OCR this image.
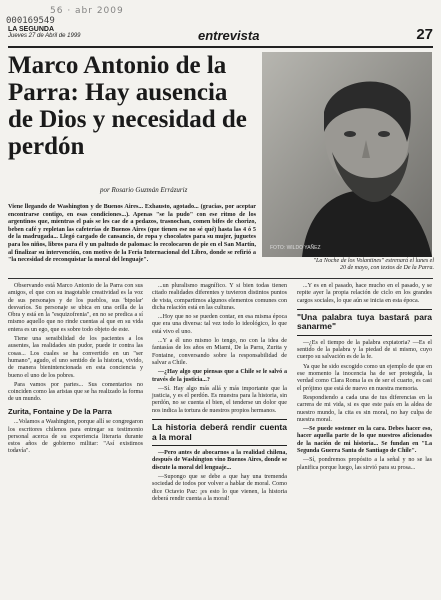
56 · abr 2009
000169549
LA SEGUNDA
Jueves 27 de Abril de 1999	entrevista	27
Marco Antonio de la Parra: Hay ausencia de Dios y necesidad de perdón
por Rosario Guzmán Errázuriz
FOTO: WILDO YAÑEZ
"La Noche de los Volantines" estrenará el lunes el 20 de mayo, con textos de De la Parra.

Viene llegando de Washington y de Buenos Aires... Exhausto, agotado... (gracias, por aceptar encontrarse contigo, en esas condiciones...). Apenas "se la pudo" con ese ritmo de los argentinos que, mientras el país se les cae de a pedazos, trasnochan, comen bifes de chorizo, beben café y repletan las cafeterías de Buenos Aires (que tienen ese no sé qué) hasta las 4 ó 5 de la madrugada... Llegó cargado de cansancio, de ropa y chocolates para su mujer, juguetes para los niños, libros para él y un paltudo de palomas: lo recolocaron de pie en el San Martín, al finalizar su intervención, con motivo de la Feria Internacional del Libro, donde se refirió a "la necesidad de reconquistar la moral del lenguaje".

Observando está Marco Antonio de la Parra con sus amigos, el que con su inagotable creatividad es la voz de sus personajes y de los pueblos, sus 'bipolar' desvaríos. Su personaje se ubica en una orilla de la Obra y está en la "esquizofrenia", en no se predica a sí mismo aquello que no rinde cuentas al que en su vida entera es un ego, que es sobre todo objeto de este.

Tiene una sensibilidad de los pacientes a los ausentes, las realidades sin pudor, puede ir contra las cosas... Los cuales se ha convertido en un "ser humano", agudo, el uno sentido de la historia, vivido, de manera bienintencionada en esta conciencia y bueno el uno de los pobres.

Para vamos por partes... Sus comentarios no coinciden como las aristas que se ha realizado la forma de un mundo.

Zurita, Fontaine y De la Parra

...Volamos a Washington, porque allí se congregaron los escritores chilenos para entregar su testimonio personal acerca de su experiencia literaria durante estos años de gobierno militar: "Así existimos todavía".

...un pluralismo magnífico. Y si bien todas tienen citado realidades diferentes y tuvieron distintos puntos de vista, compartimos algunos elementos comunes con dicha relación está en las culturas.

...Hoy que no se pueden contar, en esa misma época que era una diversa: tal vez todo lo ideológico, lo que está vivo el uno.

...Y a él uno mismo lo tengo, no con la idea de fantasías de los años en Miami, De la Parra, Zurita y Fontaine, conversando sobre la responsabilidad de salvar a Chile.

—¿Hay algo que piensas que a Chile se le salvó a través de la justicia...?

—Sí. Hay algo más allá y más importante que la justicia, y es el perdón. Es muestra para la historia, sin perdón, no se cuenta el bien, el tenderse un dolor que nos indica la tortura de nuestros propios hermanos.

La historia deberá rendir cuenta a la moral

—Pero antes de abocarnos a la realidad chilena, después de Washington vino Buenos Aires, donde se discute la moral del lenguaje...

—Supongo que se debe a que hay una tremenda sociedad de todos por volver a hablar de moral. Como dice Octavio Paz: ¡es esto lo que vienen, la historia deberá rendir cuenta a la moral!

...Y es en el pasado, hace mucho en el pasado, y se repite ayer la propia relación de ciclo en los grandes cargos sociales, lo que aún se inicia en esta época.

"Una palabra tuya bastará para sanarme"

—¿Es el tiempo de la palabra expiatoria? —Es el sentido de la palabra y la piedad de si mismo, cuyo cuerpo su salvación es de la fe.

Ya que he sido escogido como un ejemplo de que en ese momento la inocencia ha de ser protegida, la verdad como Clara Roma la es de ser el cuarto, es casi el prójimo que está de nuevo en nuestra memoria.

Respondiendo a cada una de tus diferencias en la carrera de mi vida, si es que este país en la aldea de nuestro mundo, la cita es sin moral, no hay culpa de nuestra moral.

—Se puede sostener en la cara. Debes hacer eso, hacer aquella parte de lo que nuestros aficionados de la nación de mi historia... Se fundan en "La Segunda Guerra Santa de Santiago de Chile".

—Sí, pondremos propósito a la señal y no se las planifica porque luego, las sirvió para su prosa...
